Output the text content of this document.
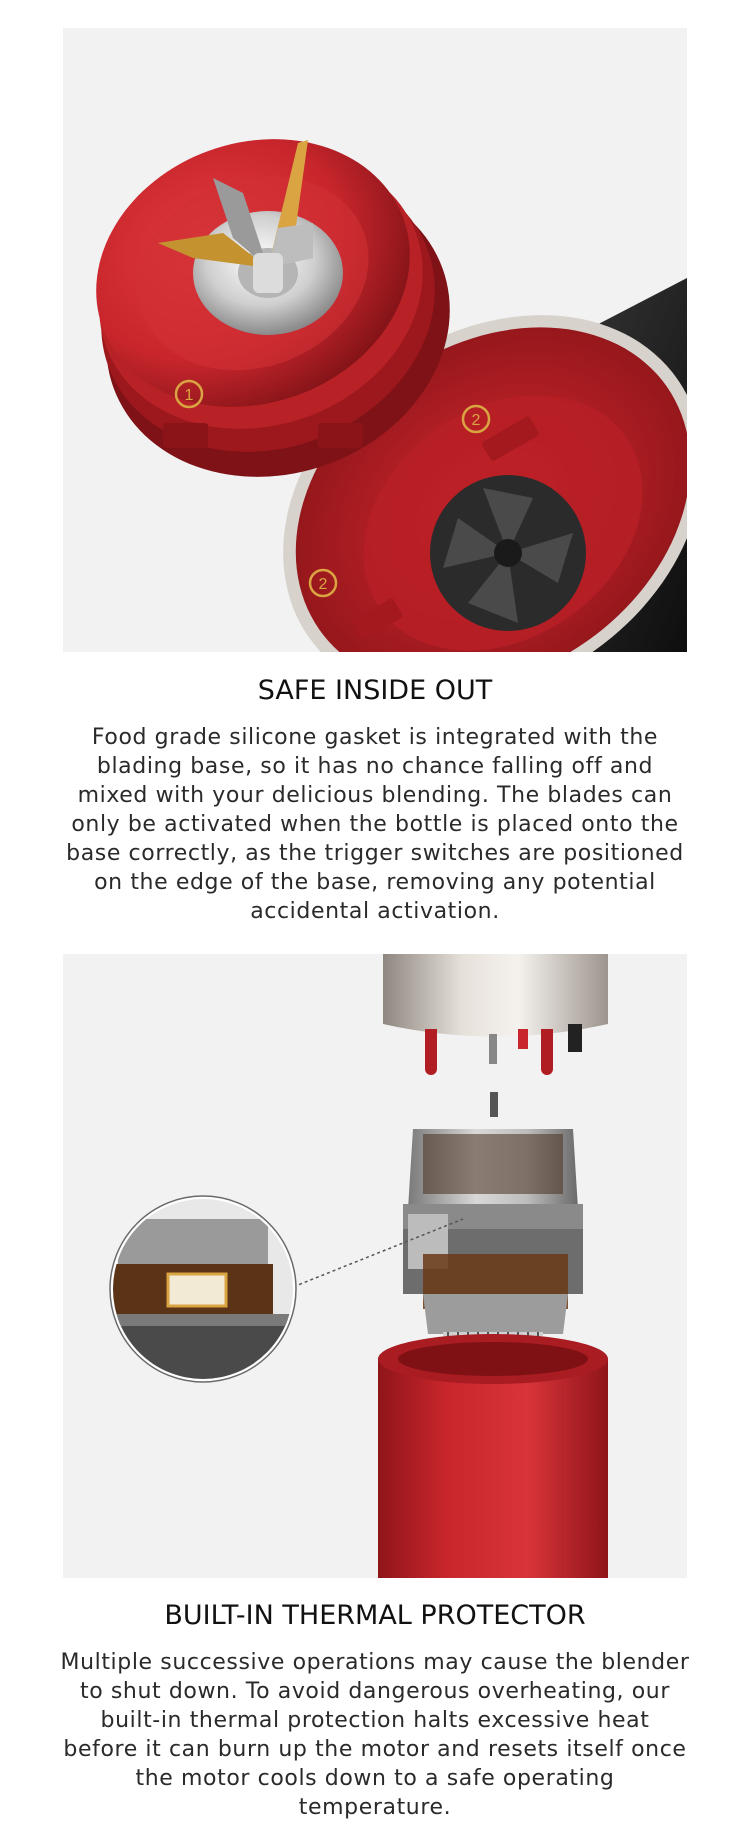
1
2
2
SAFE INSIDE OUT

Food grade silicone gasket is integrated with the blading base, so it has no chance falling off and mixed with your delicious blending. The blades can only be activated when the bottle is placed onto the base correctly, as the trigger switches are positioned on the edge of the base, removing any potential accidental activation.

BUILT-IN THERMAL PROTECTOR

Multiple successive operations may cause the blender to shut down. To avoid dangerous overheating, our built-in thermal protection halts excessive heat before it can burn up the motor and resets itself once the motor cools down to a safe operating temperature.
